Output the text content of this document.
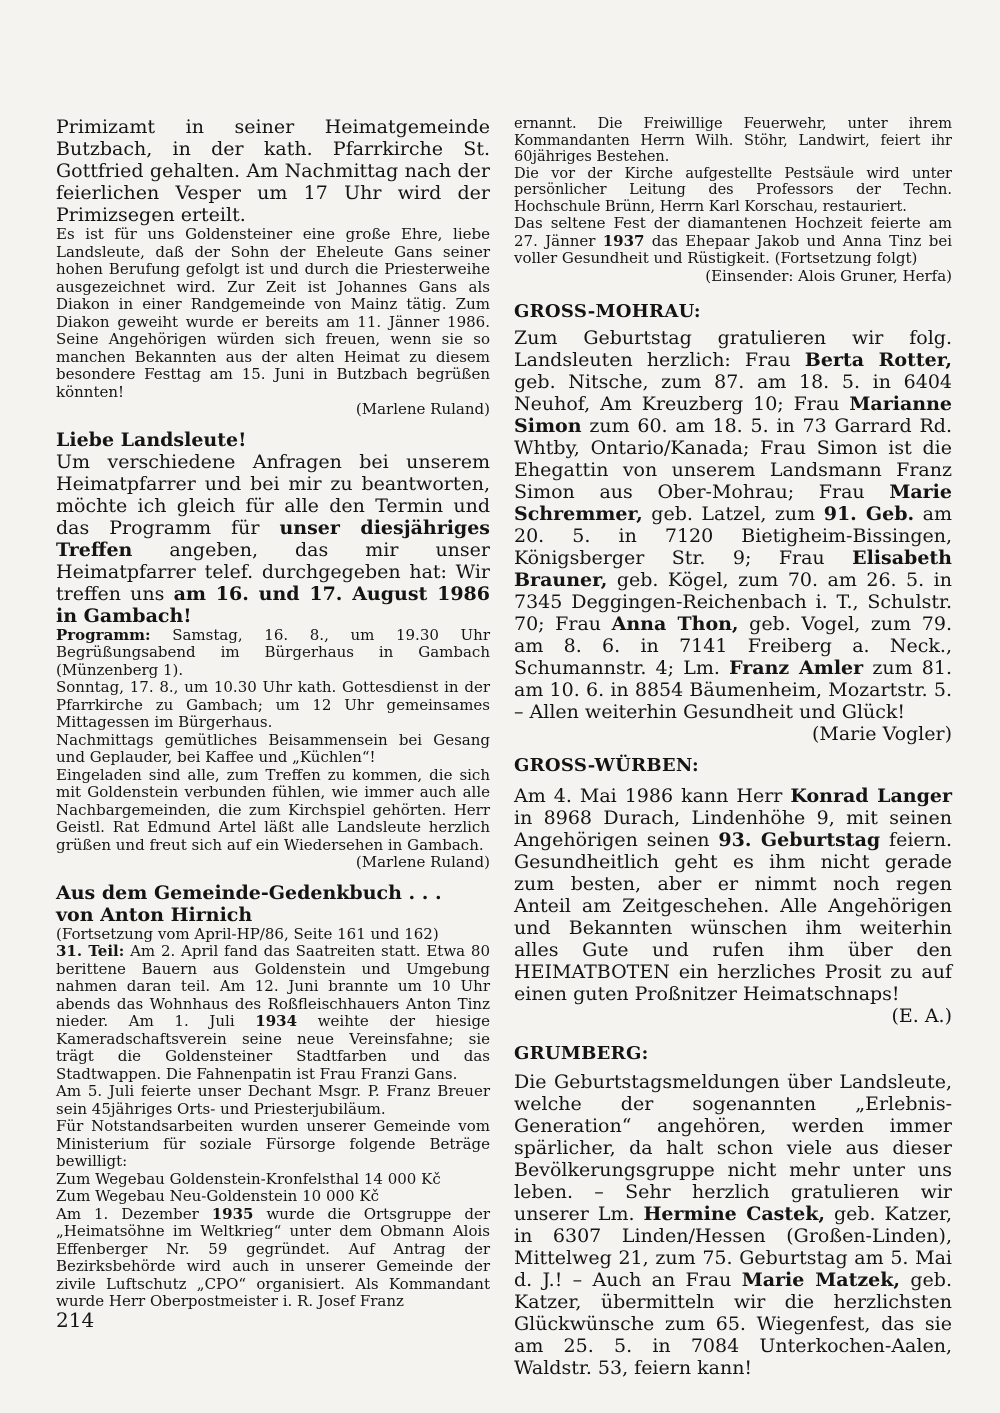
Primizamt in seiner Heimatgemeinde Butzbach, in der kath. Pfarrkirche St. Gottfried gehalten. Am Nachmittag nach der feierlichen Vesper um 17 Uhr wird der Primizsegen erteilt.

Es ist für uns Goldensteiner eine große Ehre, liebe Landsleute, daß der Sohn der Eheleute Gans seiner hohen Berufung gefolgt ist und durch die Priesterweihe ausgezeichnet wird. Zur Zeit ist Johannes Gans als Diakon in einer Randgemeinde von Mainz tätig. Zum Diakon geweiht wurde er bereits am 11. Jänner 1986. Seine Angehörigen würden sich freuen, wenn sie so manchen Bekannten aus der alten Heimat zu diesem besondere Festtag am 15. Juni in Butzbach begrüßen könnten!

(Marlene Ruland)

Liebe Landsleute!

Um verschiedene Anfragen bei unserem Heimatpfarrer und bei mir zu beantworten, möchte ich gleich für alle den Termin und das Programm für unser diesjähriges Treffen angeben, das mir unser Heimatpfarrer telef. durchgegeben hat: Wir treffen uns am 16. und 17. August 1986 in Gambach!

Programm: Samstag, 16. 8., um 19.30 Uhr Begrüßungsabend im Bürgerhaus in Gambach (Münzenberg 1).

Sonntag, 17. 8., um 10.30 Uhr kath. Gottesdienst in der Pfarrkirche zu Gambach; um 12 Uhr gemeinsames Mittagessen im Bürgerhaus.

Nachmittags gemütliches Beisammensein bei Gesang und Geplauder, bei Kaffee und „Küchlen“!

Eingeladen sind alle, zum Treffen zu kommen, die sich mit Goldenstein verbunden fühlen, wie immer auch alle Nachbargemeinden, die zum Kirchspiel gehörten. Herr Geistl. Rat Edmund Artel läßt alle Landsleute herzlich grüßen und freut sich auf ein Wiedersehen in Gambach.

(Marlene Ruland)

Aus dem Gemeinde-Gedenkbuch . . .

von Anton Hirnich

(Fortsetzung vom April-HP/86, Seite 161 und 162)

31. Teil: Am 2. April fand das Saatreiten statt. Etwa 80 berittene Bauern aus Goldenstein und Umgebung nahmen daran teil. Am 12. Juni brannte um 10 Uhr abends das Wohnhaus des Roßfleischhauers Anton Tinz nieder. Am 1. Juli 1934 weihte der hiesige Kameradschaftsverein seine neue Vereinsfahne; sie trägt die Goldensteiner Stadtfarben und das Stadtwappen. Die Fahnenpatin ist Frau Franzi Gans.

Am 5. Juli feierte unser Dechant Msgr. P. Franz Breuer sein 45jähriges Orts- und Priesterjubiläum.

Für Notstandsarbeiten wurden unserer Gemeinde vom Ministerium für soziale Fürsorge folgende Beträge bewilligt:

Zum Wegebau Goldenstein-Kronfelsthal 14 000 Kč

Zum Wegebau Neu-Goldenstein 10 000 Kč

Am 1. Dezember 1935 wurde die Ortsgruppe der „Heimatsöhne im Weltkrieg“ unter dem Obmann Alois Effenberger Nr. 59 gegründet. Auf Antrag der Bezirksbehörde wird auch in unserer Gemeinde der zivile Luftschutz „CPO“ organisiert. Als Kommandant wurde Herr Oberpostmeister i. R. Josef Franz

ernannt. Die Freiwillige Feuerwehr, unter ihrem Kommandanten Herrn Wilh. Stöhr, Landwirt, feiert ihr 60jähriges Bestehen.

Die vor der Kirche aufgestellte Pestsäule wird unter persönlicher Leitung des Professors der Techn. Hochschule Brünn, Herrn Karl Korschau, restauriert.

Das seltene Fest der diamantenen Hochzeit feierte am 27. Jänner 1937 das Ehepaar Jakob und Anna Tinz bei voller Gesundheit und Rüstigkeit. (Fortsetzung folgt)

(Einsender: Alois Gruner, Herfa)

GROSS-MOHRAU:

Zum Geburtstag gratulieren wir folg. Landsleuten herzlich: Frau Berta Rotter, geb. Nitsche, zum 87. am 18. 5. in 6404 Neuhof, Am Kreuzberg 10; Frau Marianne Simon zum 60. am 18. 5. in 73 Garrard Rd. Whtby, Ontario/Kanada; Frau Simon ist die Ehegattin von unserem Landsmann Franz Simon aus Ober-Mohrau; Frau Marie Schremmer, geb. Latzel, zum 91. Geb. am 20. 5. in 7120 Bietigheim-Bissingen, Königsberger Str. 9; Frau Elisabeth Brauner, geb. Kögel, zum 70. am 26. 5. in 7345 Deggingen-Reichenbach i. T., Schulstr. 70; Frau Anna Thon, geb. Vogel, zum 79. am 8. 6. in 7141 Freiberg a. Neck., Schumannstr. 4; Lm. Franz Amler zum 81. am 10. 6. in 8854 Bäumenheim, Mozartstr. 5. – Allen weiterhin Gesundheit und Glück!

(Marie Vogler)

GROSS-WÜRBEN:

Am 4. Mai 1986 kann Herr Konrad Langer in 8968 Durach, Lindenhöhe 9, mit seinen Angehörigen seinen 93. Geburtstag feiern. Gesundheitlich geht es ihm nicht gerade zum besten, aber er nimmt noch regen Anteil am Zeitgeschehen. Alle Angehörigen und Bekannten wünschen ihm weiterhin alles Gute und rufen ihm über den HEIMATBOTEN ein herzliches Prosit zu auf einen guten Proßnitzer Heimatschnaps!

(E. A.)

GRUMBERG:

Die Geburtstagsmeldungen über Landsleute, welche der sogenannten „Erlebnis-Generation“ angehören, werden immer spärlicher, da halt schon viele aus dieser Bevölkerungsgruppe nicht mehr unter uns leben. – Sehr herzlich gratulieren wir unserer Lm. Hermine Castek, geb. Katzer, in 6307 Linden/Hessen (Großen-Linden), Mittelweg 21, zum 75. Geburtstag am 5. Mai d. J.! – Auch an Frau Marie Matzek, geb. Katzer, übermitteln wir die herzlichsten Glückwünsche zum 65. Wiegenfest, das sie am 25. 5. in 7084 Unterkochen-Aalen, Waldstr. 53, feiern kann!

214
